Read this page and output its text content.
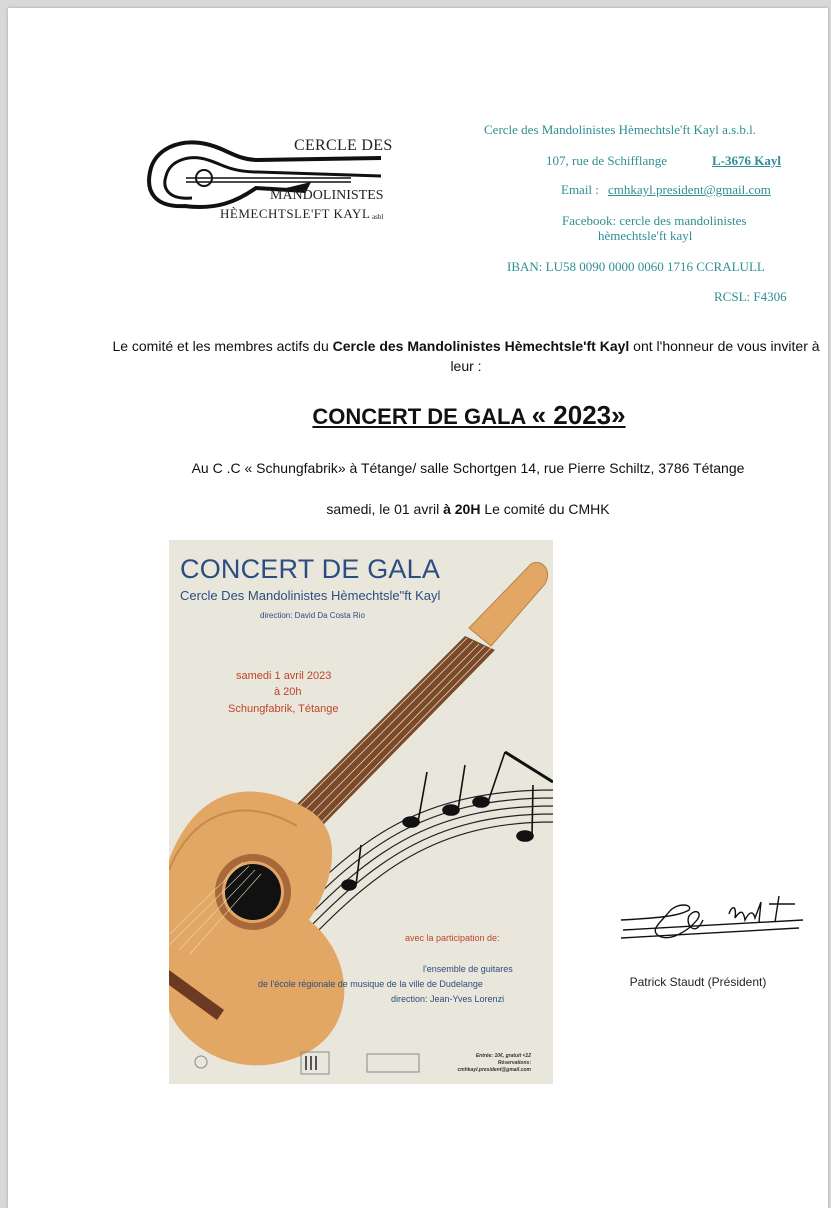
CERCLE DES
MANDOLINISTES
HÈMECHTSLE'FT KAYL asbl
Cercle des Mandolinistes Hèmechtsle'ft Kayl a.s.b.l.
107, rue de Schifflange	L-3676 Kayl
Email : cmhkayl.president@gmail.com
Facebook: cercle des mandolinistes
hèmechtsle'ft kayl
IBAN: LU58 0090 0000 0060 1716 CCRALULL
RCSL: F4306
Le comité et les membres actifs du Cercle des Mandolinistes Hèmechtsle'ft Kayl ont l'honneur de vous inviter à leur :
CONCERT DE GALA « 2023»
Au C .C « Schungfabrik» à Tétange/ salle Schortgen 14, rue Pierre Schiltz, 3786 Tétange
samedi, le 01 avril à 20H Le comité du CMHK
CONCERT DE GALA
Cercle Des Mandolinistes Hèmechtsle"ft Kayl
direction: David Da Costa Rio
samedi 1 avril 2023
à 20h
Schungfabrik, Tétange
avec la participation de:
l'ensemble de guitares
de l'école régionale de musique de la ville de Dudelange
direction: Jean-Yves Lorenzi
Entrée: 10€, gratuit <12
Réservations:
cmhkayl.president@gmail.com
Patrick Staudt (Président)
